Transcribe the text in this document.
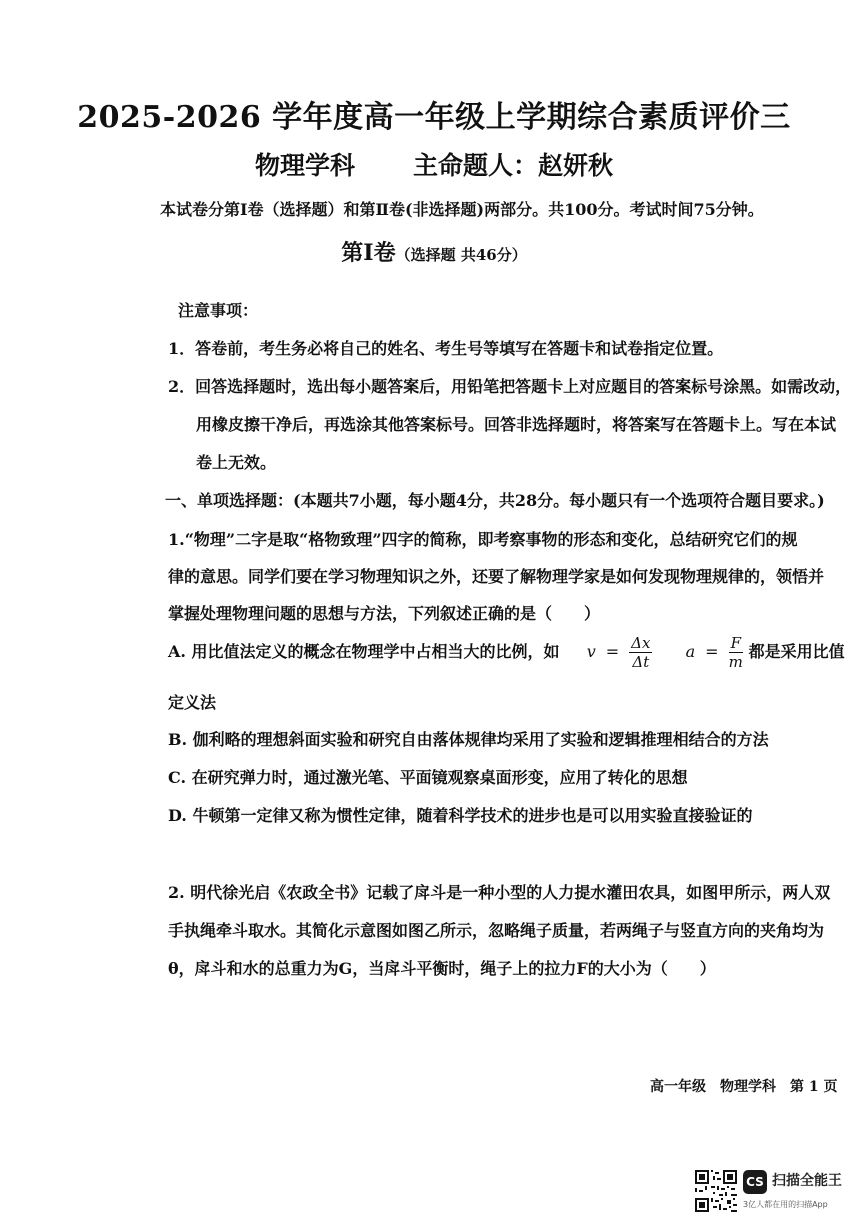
2025-2026 学年度高一年级上学期综合素质评价三
物理学科 主命题人：赵妍秋
本试卷分第Ⅰ卷（选择题）和第Ⅱ卷(非选择题)两部分。共100分。考试时间75分钟。
第Ⅰ卷（选择题 共46分）
注意事项：
1．答卷前，考生务必将自己的姓名、考生号等填写在答题卡和试卷指定位置。
2．回答选择题时，选出每小题答案后，用铅笔把答题卡上对应题目的答案标号涂黑。如需改动，
用橡皮擦干净后，再选涂其他答案标号。回答非选择题时，将答案写在答题卡上。写在本试
卷上无效。
一、单项选择题：(本题共7小题，每小题4分，共28分。每小题只有一个选项符合题目要求。)
1.“物理”二字是取“格物致理”四字的简称，即考察事物的形态和变化，总结研究它们的规
律的意思。同学们要在学习物理知识之外，还要了解物理学家是如何发现物理规律的，领悟并
掌握处理物理问题的思想与方法，下列叙述正确的是（　　）
A. 用比值法定义的概念在物理学中占相当大的比例，如 $v = \frac{\Delta x}{\Delta t}$ $a = \frac{F}{m}$ 都是采用比值
定义法
B. 伽利略的理想斜面实验和研究自由落体规律均采用了实验和逻辑推理相结合的方法
C. 在研究弹力时，通过激光笔、平面镜观察桌面形变，应用了转化的思想
D. 牛顿第一定律又称为惯性定律，随着科学技术的进步也是可以用实验直接验证的
2. 明代徐光启《农政全书》记载了戽斗是一种小型的人力提水灌田农具，如图甲所示，两人双
手执绳牵斗取水。其简化示意图如图乙所示，忽略绳子质量，若两绳子与竖直方向的夹角均为
θ，戽斗和水的总重力为G，当戽斗平衡时，绳子上的拉力F的大小为（　　）
高一年级 物理学科 第 1 页
CS 扫描全能王
3亿人都在用的扫描App
